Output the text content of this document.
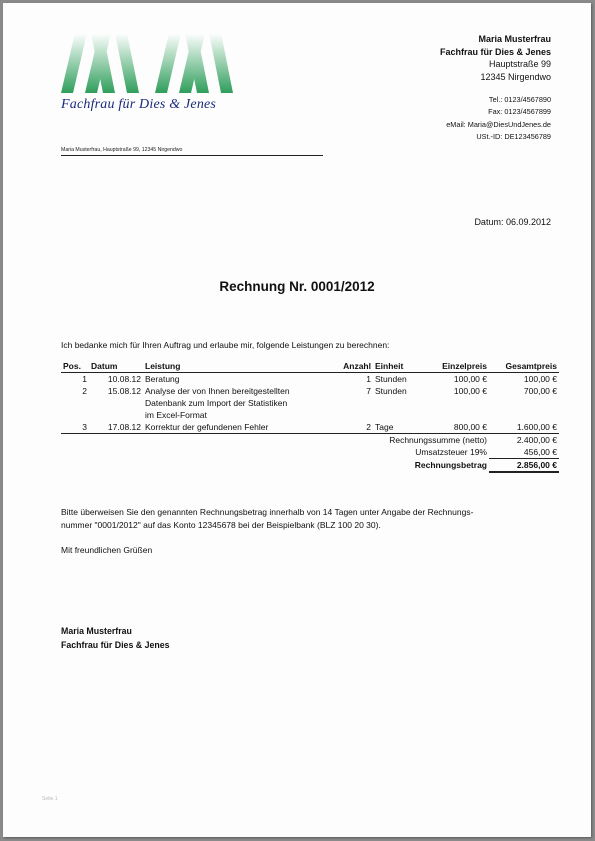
Fachfrau für Dies & Jenes
Maria Musterfrau, Hauptstraße 99, 12345 Nirgendwo
Maria Musterfrau
Fachfrau für Dies & Jenes
Hauptstraße 99
12345 Nirgendwo
Tel.: 0123/4567890
Fax: 0123/4567899
eMail: Maria@DiesUndJenes.de
USt.-ID: DE123456789
Datum: 06.09.2012
Rechnung Nr. 0001/2012
Ich bedanke mich für Ihren Auftrag und erlaube mir, folgende Leistungen zu berechnen:
Pos.	Datum	Leistung	Anzahl	Einheit	Einzelpreis	Gesamtpreis
1	10.08.12	Beratung	1	Stunden	100,00 €	100,00 €
2	15.08.12	Analyse der von Ihnen bereitgestellten	7	Stunden	100,00 €	700,00 €
		Datenbank zum Import der Statistiken				
		im Excel-Format				
3	17.08.12	Korrektur der gefundenen Fehler	2	Tage	800,00 €	1.600,00 €
				Rechnungssumme (netto)		2.400,00 €
				Umsatzsteuer 19%		456,00 €
				Rechnungsbetrag		2.856,00 €
Bitte überweisen Sie den genannten Rechnungsbetrag innerhalb von 14 Tagen unter Angabe der Rechnungs-
nummer "0001/2012" auf das Konto 12345678 bei der Beispielbank (BLZ 100 20 30).
Mit freundlichen Grüßen
Maria Musterfrau
Fachfrau für Dies & Jenes
Seite 1
